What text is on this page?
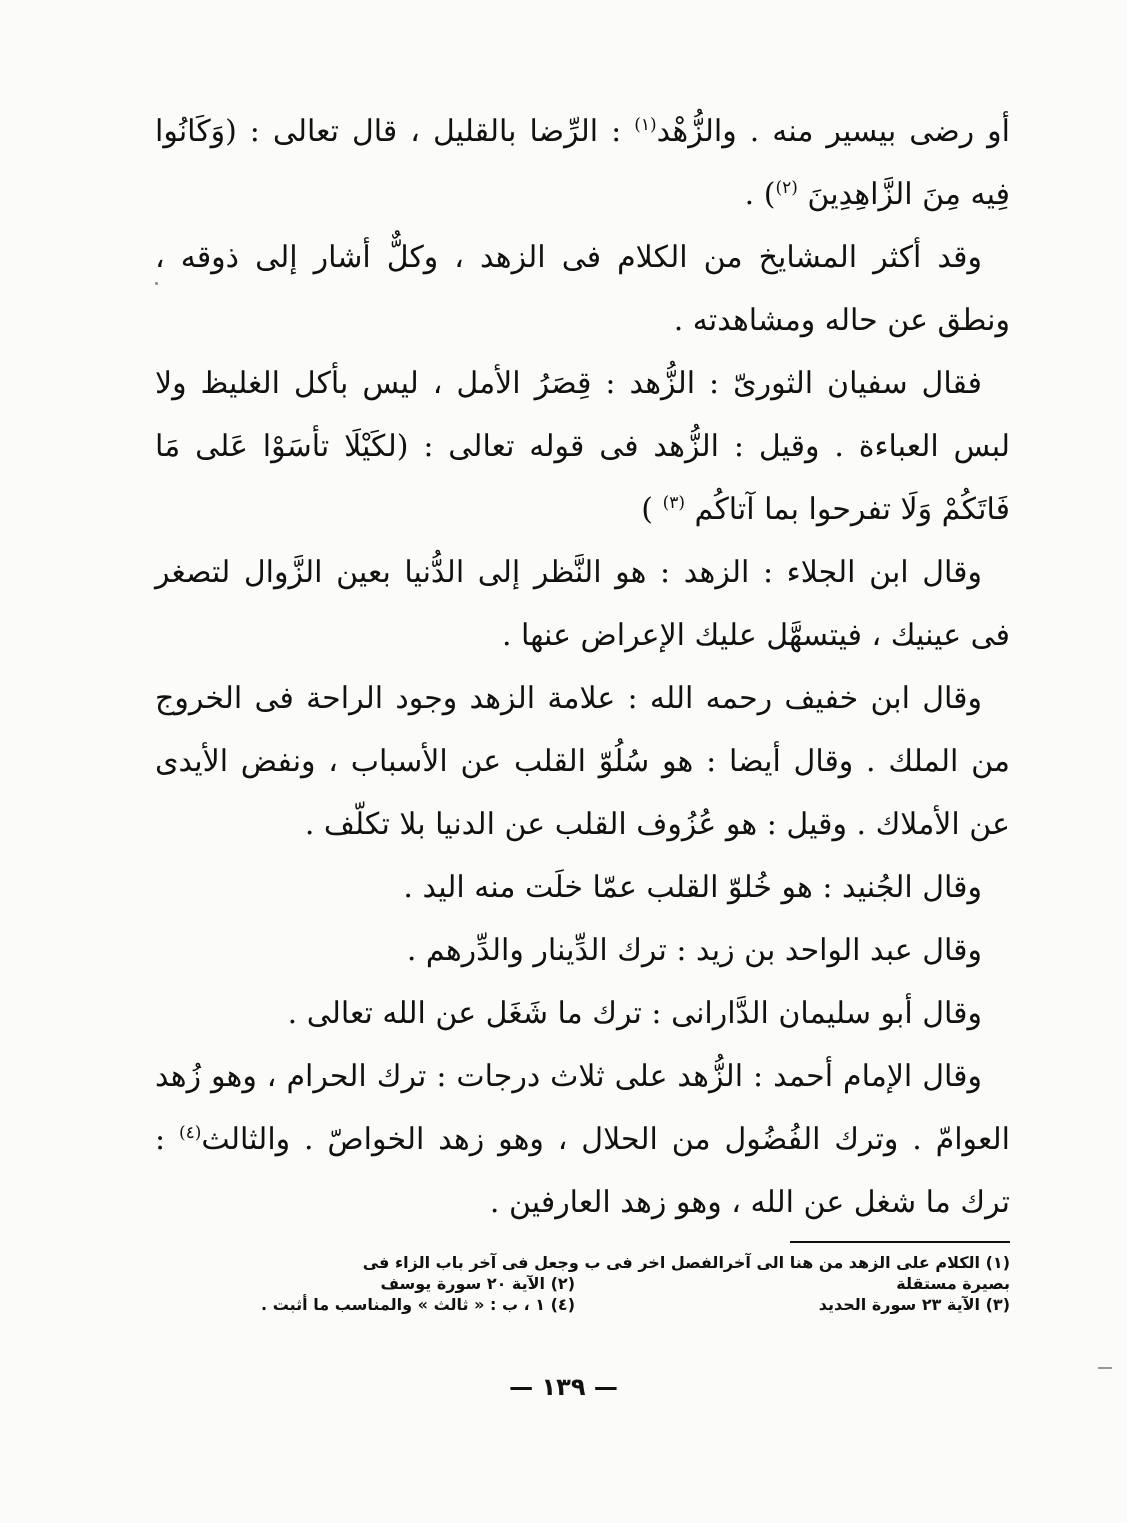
أو رضى بيسير منه . والزُّهْد$^{(١)}$ : الرِّضا بالقليل ، قال تعالى : (وَكَانُوا فِيه مِنَ الزَّاهِدِينَ $^{(٢)}$) .

وقد أكثر المشايخ من الكلام فى الزهد ، وكلٌّ أشار إلى ذوقه ، ونطق عن حاله ومشاهدته .

فقال سفيان الثورىّ : الزُّهد : قِصَرُ الأمل ، ليس بأكل الغليظ ولا لبس العباءة . وقيل : الزُّهد فى قوله تعالى : (لكَيْلَا تأسَوْا عَلى مَا فَاتَكُمْ وَلَا تفرحوا بما آتاكُم $^{(٣)}$ )

وقال ابن الجلاء : الزهد : هو النَّظر إلى الدُّنيا بعين الزَّوال لتصغر فى عينيك ، فيتسهَّل عليك الإعراض عنها .

وقال ابن خفيف رحمه الله : علامة الزهد وجود الراحة فى الخروج من الملك . وقال أيضا : هو سُلُوّ القلب عن الأسباب ، ونفض الأيدى عن الأملاك . وقيل : هو عُزُوف القلب عن الدنيا بلا تكلّف .

وقال الجُنيد : هو خُلوّ القلب عمّا خلَت منه اليد .

وقال عبد الواحد بن زيد : ترك الدِّينار والدِّرهم .

وقال أبو سليمان الدَّارانى : ترك ما شَغَل عن الله تعالى .

وقال الإمام أحمد : الزُّهد على ثلاث درجات : ترك الحرام ، وهو زُهد العوامّ . وترك الفُضُول من الحلال ، وهو زهد الخواصّ . والثالث$^{(٤)}$ : ترك ما شغل عن الله ، وهو زهد العارفين .

(١) الكلام على الزهد من هنا الى آخرالفصل اخر فى ب وجعل فى آخر باب الزاء فى
بصيرة مستقلة
(٢) الآية ٢٠ سورة يوسف
(٣) الآية ٢٣ سورة الحديد
(٤) ١ ، ب : « ثالث » والمناسب ما أثبت .
— ١٣٩ —
